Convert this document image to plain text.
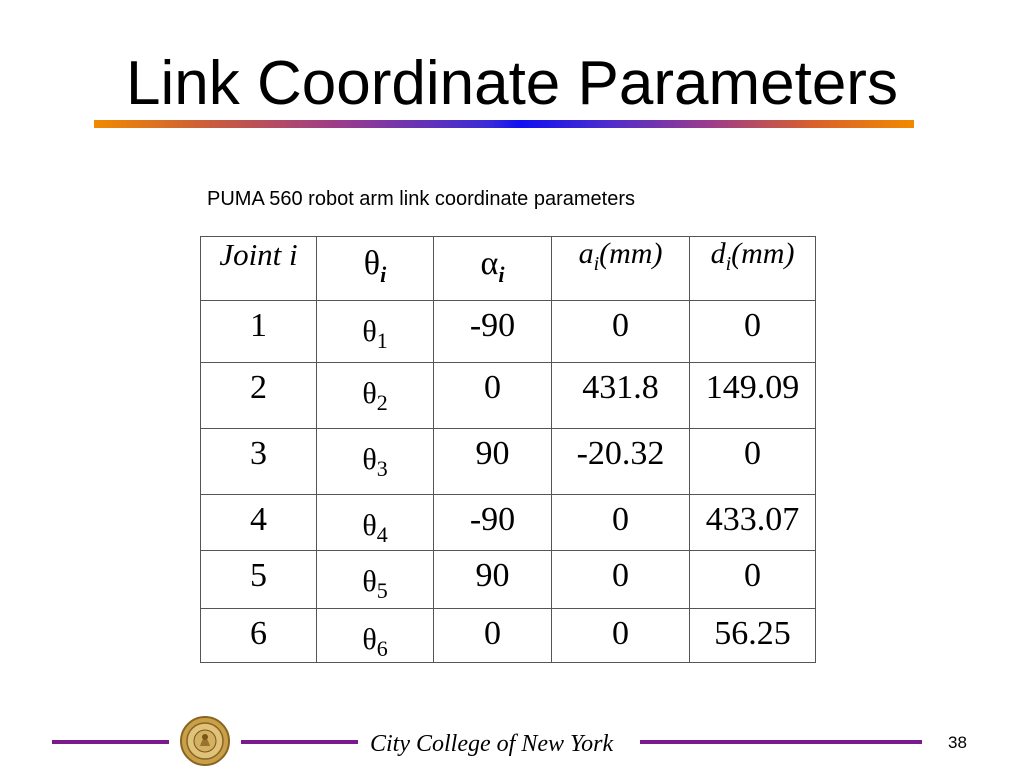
Link Coordinate Parameters
PUMA 560 robot arm link coordinate parameters
Joint i	$\theta_i$	$\alpha_i$	$a_i(mm)$	$d_i(mm)$
1	$\theta_1$	-90	0	0
2	$\theta_2$	0	431.8	149.09
3	$\theta_3$	90	-20.32	0
4	$\theta_4$	-90	0	433.07
5	$\theta_5$	90	0	0
6	$\theta_6$	0	0	56.25
City College of New York	38
